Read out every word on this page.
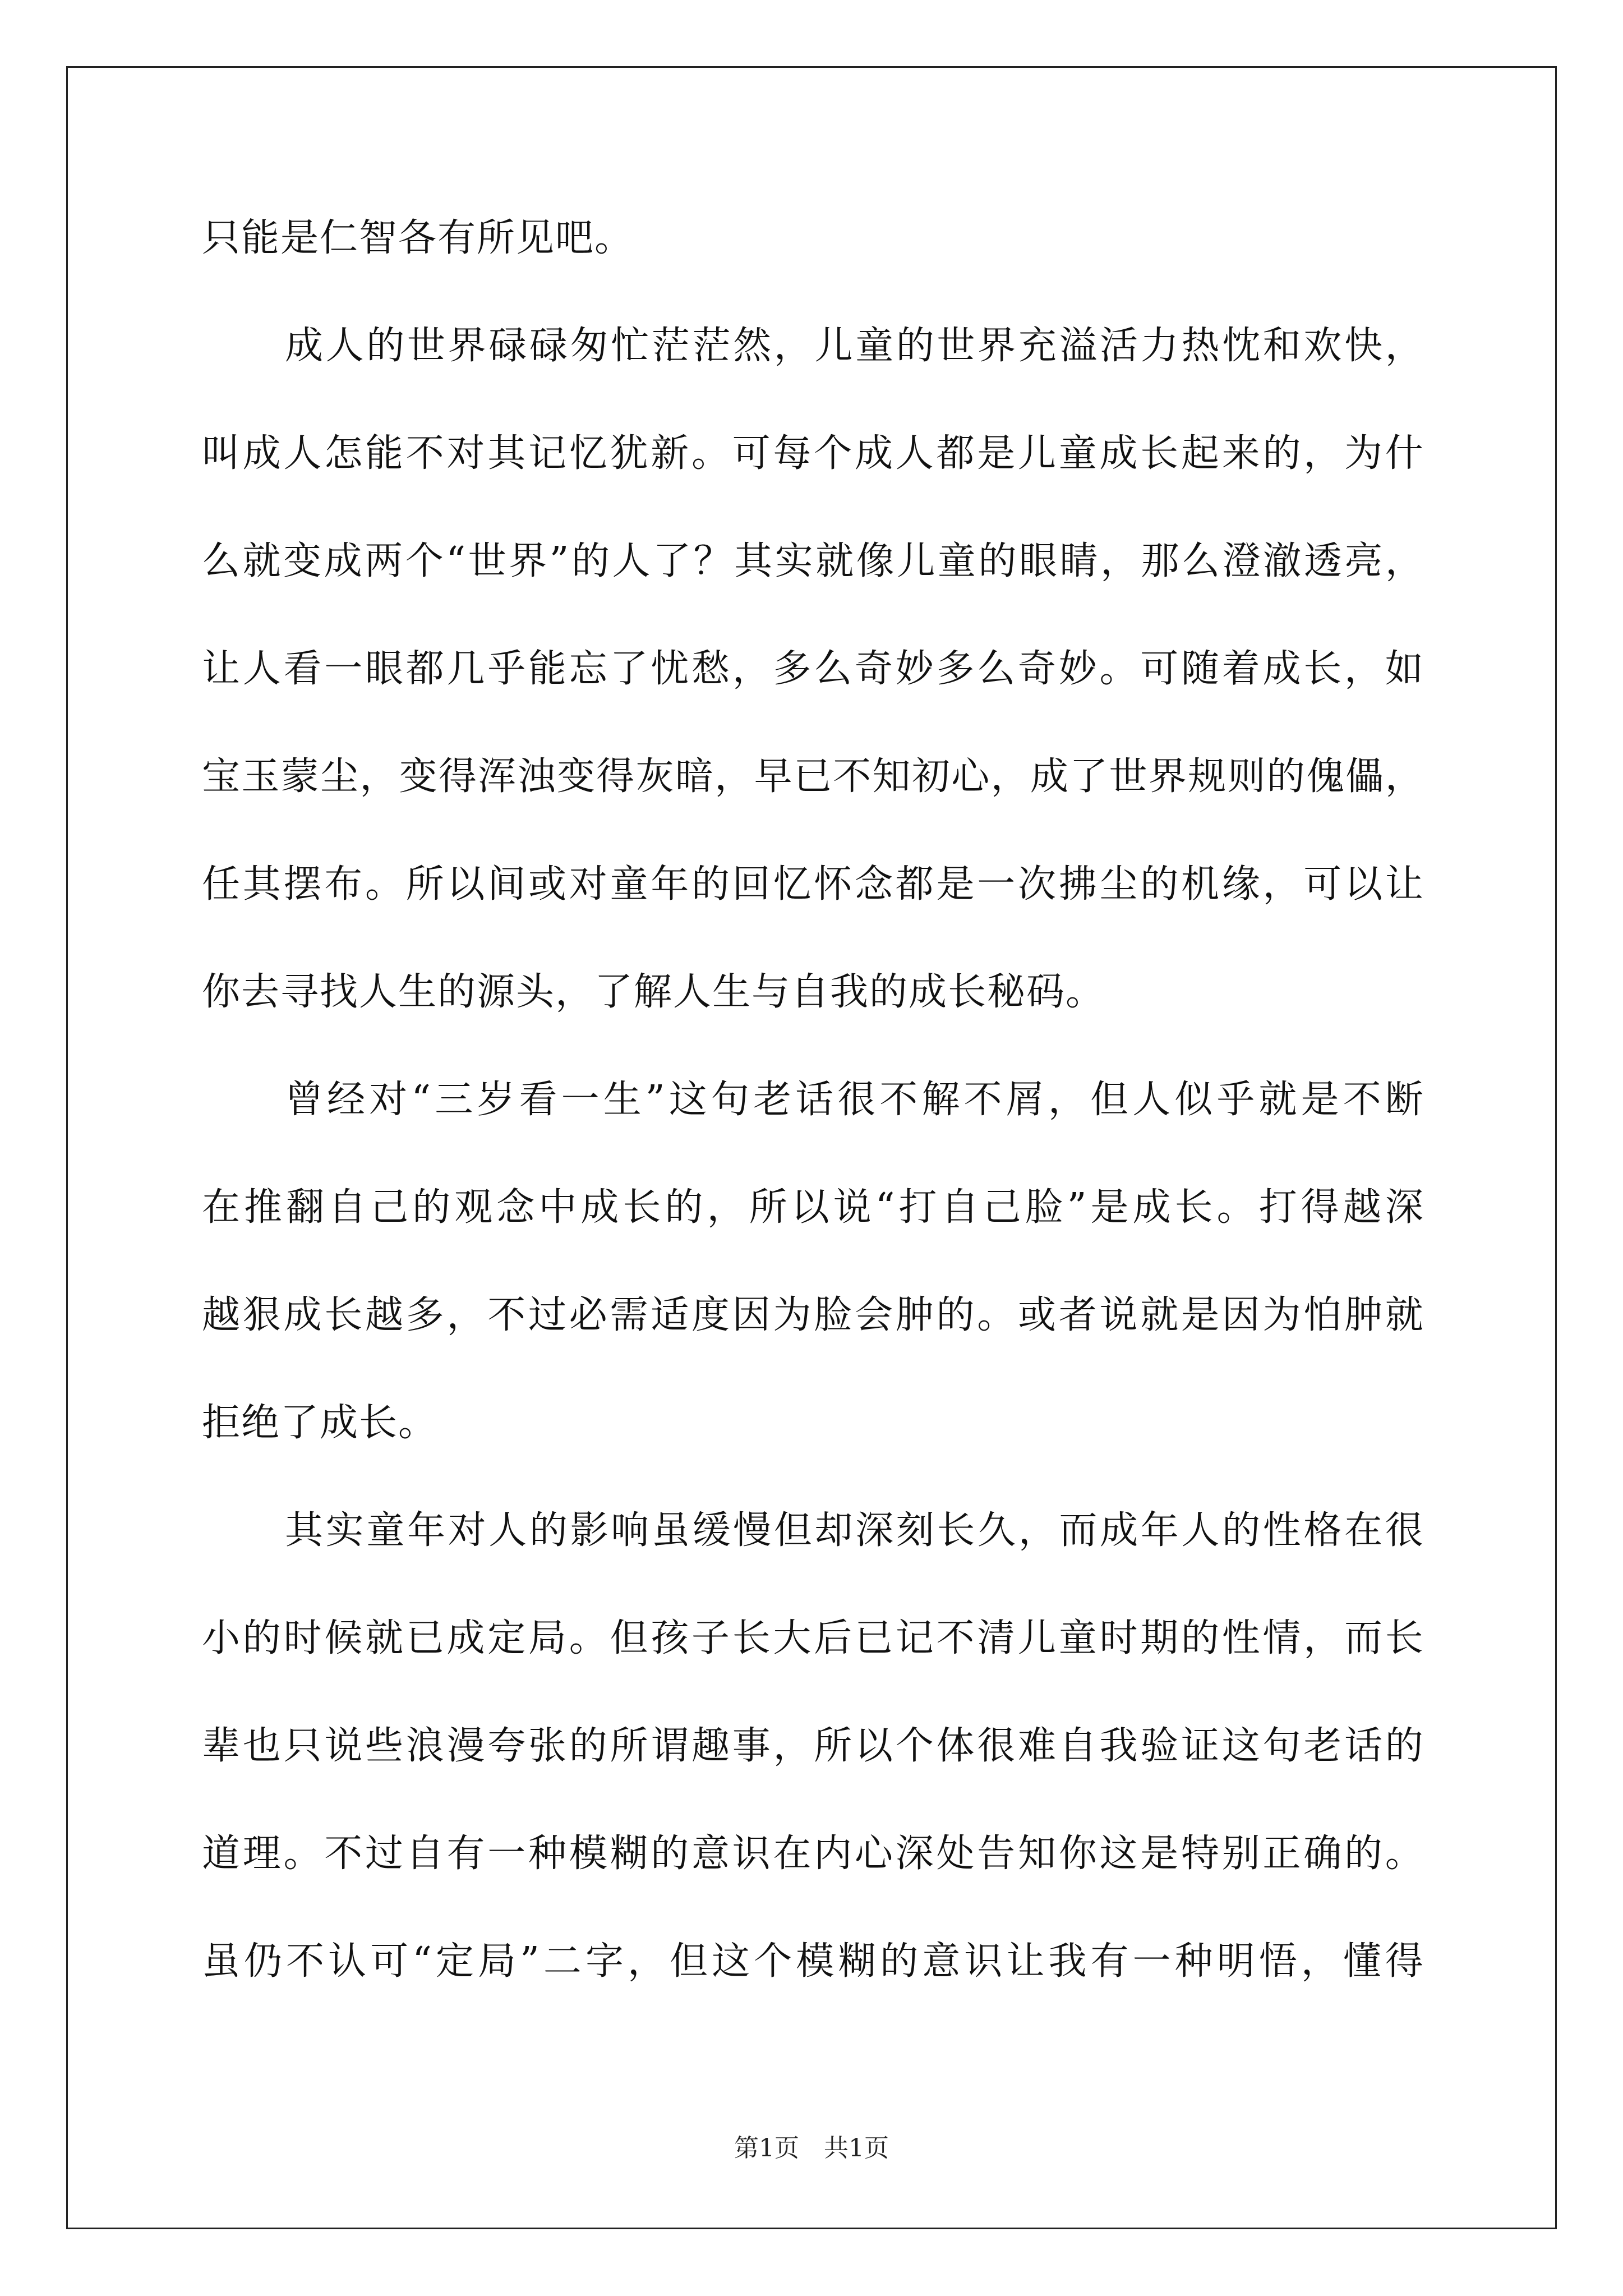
只能是仁智各有所见吧。
成 人 的 世 界 碌 碌 匆 忙 茫 茫 然 ， 儿 童 的 世 界 充 溢 活 力 热 忱 和 欢 快 ，
叫 成 人 怎 能 不 对 其 记 忆 犹 新 。 可 每 个 成 人 都 是 儿 童 成 长 起 来 的 ， 为 什
么 就 变 成 两 个 “ 世 界 ” 的 人 了 ？ 其 实 就 像 儿 童 的 眼 睛 ， 那 么 澄 澈 透 亮 ，
让 人 看 一 眼 都 几 乎 能 忘 了 忧 愁 ， 多 么 奇 妙 多 么 奇 妙 。 可 随 着 成 长 ， 如
宝 玉 蒙 尘 ， 变 得 浑 浊 变 得 灰 暗 ， 早 已 不 知 初 心 ， 成 了 世 界 规 则 的 傀 儡 ，
任 其 摆 布 。 所 以 间 或 对 童 年 的 回 忆 怀 念 都 是 一 次 拂 尘 的 机 缘 ， 可 以 让
你去寻找人生的源头，了解人生与自我的成长秘码。
曾 经 对 “ 三 岁 看 一 生 ” 这 句 老 话 很 不 解 不 屑 ， 但 人 似 乎 就 是 不 断
在 推 翻 自 己 的 观 念 中 成 长 的 ， 所 以 说 “ 打 自 己 脸 ” 是 成 长 。 打 得 越 深
越 狠 成 长 越 多 ， 不 过 必 需 适 度 因 为 脸 会 肿 的 。 或 者 说 就 是 因 为 怕 肿 就
拒绝了成长。
其 实 童 年 对 人 的 影 响 虽 缓 慢 但 却 深 刻 长 久 ， 而 成 年 人 的 性 格 在 很
小 的 时 候 就 已 成 定 局 。 但 孩 子 长 大 后 已 记 不 清 儿 童 时 期 的 性 情 ， 而 长
辈 也 只 说 些 浪 漫 夸 张 的 所 谓 趣 事 ， 所 以 个 体 很 难 自 我 验 证 这 句 老 话 的
道 理 。 不 过 自 有 一 种 模 糊 的 意 识 在 内 心 深 处 告 知 你 这 是 特 别 正 确 的 。
虽 仍 不 认 可 “ 定 局 ” 二 字 ， 但 这 个 模 糊 的 意 识 让 我 有 一 种 明 悟 ， 懂 得
第1页　共1页
